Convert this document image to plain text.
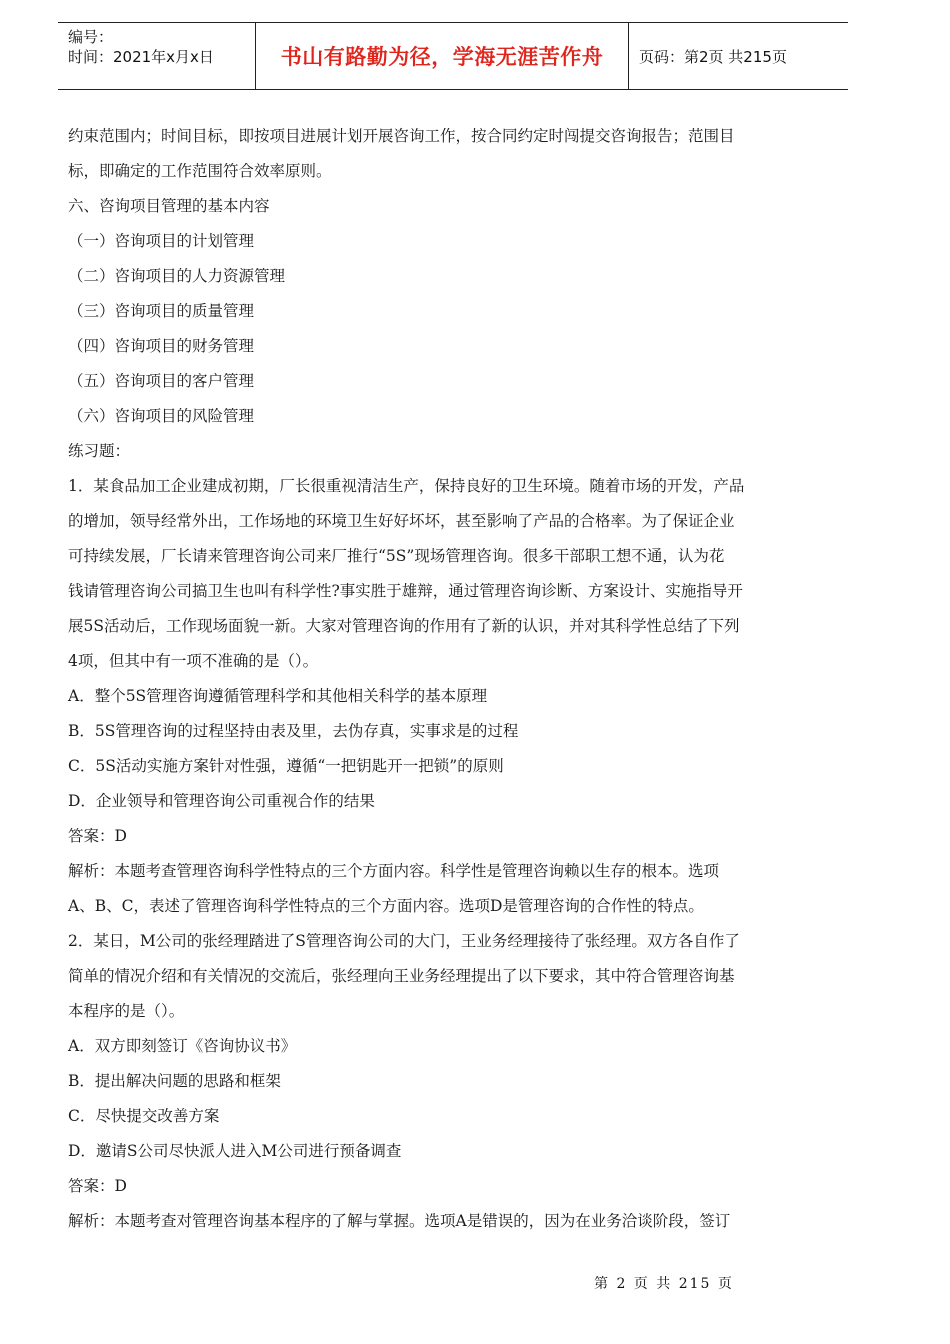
编号：
时间：2021年x月x日	书山有路勤为径，学海无涯苦作舟	页码：第2页 共215页

约束范围内；时间目标，即按项目进展计划开展咨询工作，按合同约定时闯提交咨询报告；范围目

标，即确定的工作范围符合效率原则。

六、咨询项目管理的基本内容

（一）咨询项目的计划管理

（二）咨询项目的人力资源管理

（三）咨询项目的质量管理

（四）咨询项目的财务管理

（五）咨询项目的客户管理

（六）咨询项目的风险管理

练习题：

1．某食品加工企业建成初期，厂长很重视清洁生产，保持良好的卫生环境。随着市场的开发，产品

的增加，领导经常外出，工作场地的环境卫生好好坏坏，甚至影响了产品的合格率。为了保证企业

可持续发展，厂长请来管理咨询公司来厂推行“5S”现场管理咨询。很多干部职工想不通，认为花

钱请管理咨询公司搞卫生也叫有科学性?事实胜于雄辩，通过管理咨询诊断、方案设计、实施指导开

展5S活动后，工作现场面貌一新。大家对管理咨询的作用有了新的认识，并对其科学性总结了下列

4项，但其中有一项不准确的是（）。

A．整个5S管理咨询遵循管理科学和其他相关科学的基本原理

B．5S管理咨询的过程坚持由表及里，去伪存真，实事求是的过程

C．5S活动实施方案针对性强，遵循“一把钥匙开一把锁”的原则

D．企业领导和管理咨询公司重视合作的结果

答案：D

解析：本题考查管理咨询科学性特点的三个方面内容。科学性是管理咨询赖以生存的根本。选项

A、B、C，表述了管理咨询科学性特点的三个方面内容。选项D是管理咨询的合作性的特点。

2．某日，M公司的张经理踏进了S管理咨询公司的大门，王业务经理接待了张经理。双方各自作了

简单的情况介绍和有关情况的交流后，张经理向王业务经理提出了以下要求，其中符合管理咨询基

本程序的是（）。

A．双方即刻签订《咨询协议书》

B．提出解决问题的思路和框架

C．尽快提交改善方案

D．邀请S公司尽快派人进入M公司进行预备调查

答案：D

解析：本题考查对管理咨询基本程序的了解与掌握。选项A是错误的，因为在业务洽谈阶段，签订

第 2 页 共 215 页
